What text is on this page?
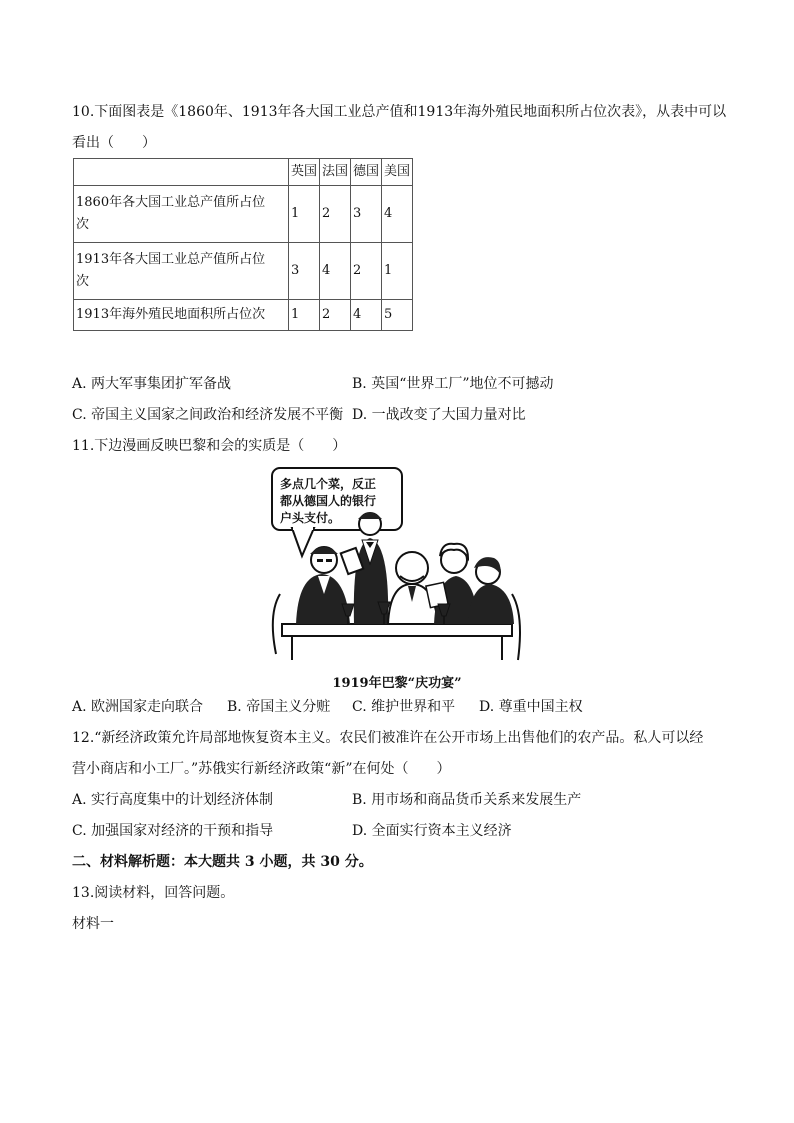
10.下面图表是《1860年、1913年各大国工业总产值和1913年海外殖民地面积所占位次表》，从表中可以
看出（　　）
	英国	法国	德国	美国
1860年各大国工业总产值所占位
次	1	2	3	4
1913年各大国工业总产值所占位
次	3	4	2	1
1913年海外殖民地面积所占位次	1	2	4	5
A. 两大军事集团扩军备战	B. 英国“世界工厂”地位不可撼动
C. 帝国主义国家之间政治和经济发展不平衡 D. 一战改变了大国力量对比
11.下边漫画反映巴黎和会的实质是（　　）
多点几个菜，反正
都从德国人的银行
户头支付。
1919年巴黎“庆功宴”
A. 欧洲国家走向联合 B. 帝国主义分赃 C. 维护世界和平 D. 尊重中国主权
12.“新经济政策允许局部地恢复资本主义。农民们被准许在公开市场上出售他们的农产品。私人可以经
营小商店和小工厂。”苏俄实行新经济政策“新”在何处（　　）
A. 实行高度集中的计划经济体制	B. 用市场和商品货币关系来发展生产
C. 加强国家对经济的干预和指导	D. 全面实行资本主义经济
二、材料解析题：本大题共 3 小题，共 30 分。
13.阅读材料，回答问题。
材料一
